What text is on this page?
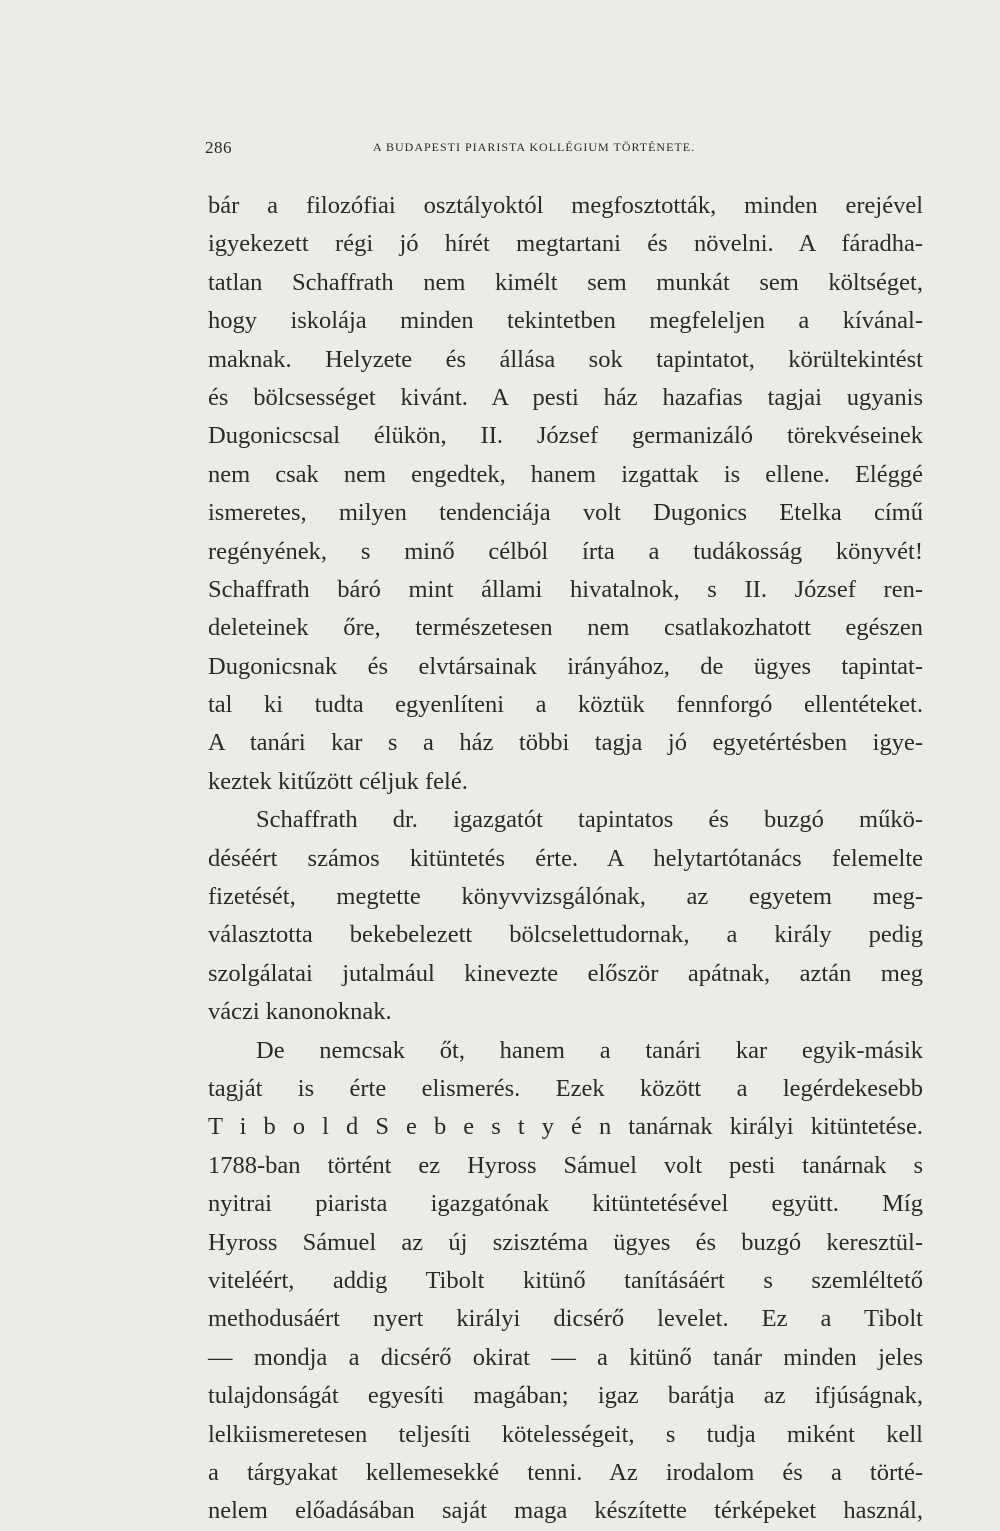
286	A BUDAPESTI PIARISTA KOLLÉGIUM TÖRTÉNETE.
bár a filozófiai osztályoktól megfosztották, minden erejével
igyekezett régi jó hírét megtartani és növelni. A fáradha-
tatlan Schaffrath nem kimélt sem munkát sem költséget,
hogy iskolája minden tekintetben megfeleljen a kívánal-
maknak. Helyzete és állása sok tapintatot, körültekintést
és bölcsességet kivánt. A pesti ház hazafias tagjai ugyanis
Dugonicscsal élükön, II. József germanizáló törekvéseinek
nem csak nem engedtek, hanem izgattak is ellene. Eléggé
ismeretes, milyen tendenciája volt Dugonics Etelka című
regényének, s minő célból írta a tudákosság könyvét!
Schaffrath báró mint állami hivatalnok, s II. József ren-
deleteinek őre, természetesen nem csatlakozhatott egészen
Dugonicsnak és elvtársainak irányához, de ügyes tapintat-
tal ki tudta egyenlíteni a köztük fennforgó ellentéteket.
A tanári kar s a ház többi tagja jó egyetértésben igye-
keztek kitűzött céljuk felé.
Schaffrath dr. igazgatót tapintatos és buzgó műkö-
déséért számos kitüntetés érte. A helytartótanács felemelte
fizetését, megtette könyvvizsgálónak, az egyetem meg-
választotta bekebelezett bölcselettudornak, a király pedig
szolgálatai jutalmául kinevezte először apátnak, aztán meg
váczi kanonoknak.
De nemcsak őt, hanem a tanári kar egyik-másik
tagját is érte elismerés. Ezek között a legérdekesebb
T i b o l d S e b e s t y é n tanárnak királyi kitüntetése.
1788-ban történt ez Hyross Sámuel volt pesti tanárnak s
nyitrai piarista igazgatónak kitüntetésével együtt. Míg
Hyross Sámuel az új szisztéma ügyes és buzgó keresztül-
viteléért, addig Tibolt kitünő tanításáért s szemléltető
methodusáért nyert királyi dicsérő levelet. Ez a Tibolt
— mondja a dicsérő okirat — a kitünő tanár minden jeles
tulajdonságát egyesíti magában; igaz barátja az ifjúságnak,
lelkiismeretesen teljesíti kötelességeit, s tudja miként kell
a tárgyakat kellemesekké tenni. Az irodalom és a törté-
nelem előadásában saját maga készítette térképeket használ,
